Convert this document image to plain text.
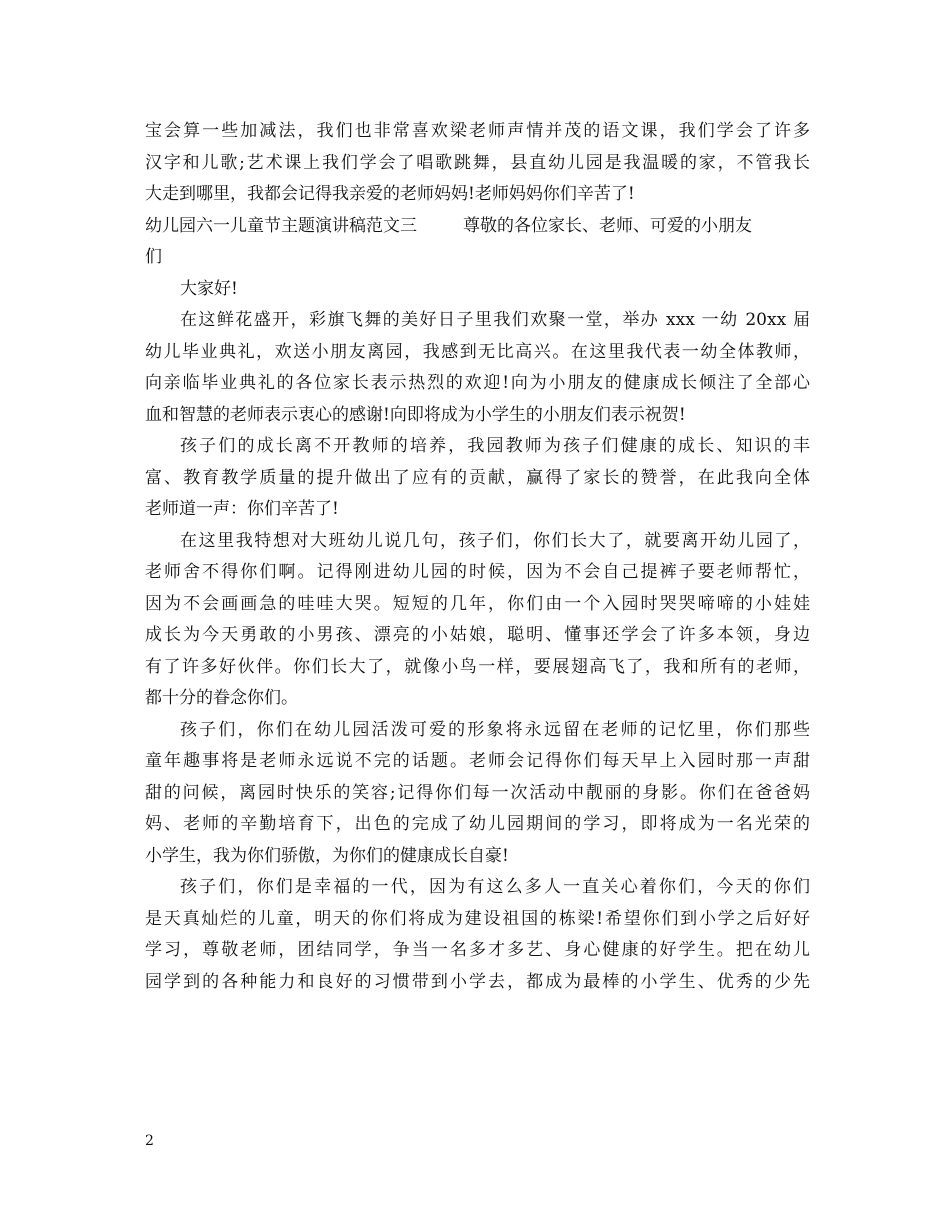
宝会算一些加减法，我们也非常喜欢梁老师声情并茂的语文课，我们学会了许多
汉字和儿歌;艺术课上我们学会了唱歌跳舞，县直幼儿园是我温暖的家，不管我长
大走到哪里，我都会记得我亲爱的老师妈妈!老师妈妈你们辛苦了!
幼儿园六一儿童节主题演讲稿范文三	尊敬的各位家长、老师、可爱的小朋友
们
大家好!
在这鲜花盛开，彩旗飞舞的美好日子里我们欢聚一堂，举办 xxx 一幼 20xx 届
幼儿毕业典礼，欢送小朋友离园，我感到无比高兴。在这里我代表一幼全体教师，
向亲临毕业典礼的各位家长表示热烈的欢迎!向为小朋友的健康成长倾注了全部心
血和智慧的老师表示衷心的感谢!向即将成为小学生的小朋友们表示祝贺!
孩子们的成长离不开教师的培养，我园教师为孩子们健康的成长、知识的丰
富、教育教学质量的提升做出了应有的贡献，赢得了家长的赞誉，在此我向全体
老师道一声：你们辛苦了!
在这里我特想对大班幼儿说几句，孩子们，你们长大了，就要离开幼儿园了，
老师舍不得你们啊。记得刚进幼儿园的时候，因为不会自己提裤子要老师帮忙，
因为不会画画急的哇哇大哭。短短的几年，你们由一个入园时哭哭啼啼的小娃娃
成长为今天勇敢的小男孩、漂亮的小姑娘，聪明、懂事还学会了许多本领，身边
有了许多好伙伴。你们长大了，就像小鸟一样，要展翅高飞了，我和所有的老师，
都十分的眷念你们。
孩子们，你们在幼儿园活泼可爱的形象将永远留在老师的记忆里，你们那些
童年趣事将是老师永远说不完的话题。老师会记得你们每天早上入园时那一声甜
甜的问候，离园时快乐的笑容;记得你们每一次活动中靓丽的身影。你们在爸爸妈
妈、老师的辛勤培育下，出色的完成了幼儿园期间的学习，即将成为一名光荣的
小学生，我为你们骄傲，为你们的健康成长自豪!
孩子们，你们是幸福的一代，因为有这么多人一直关心着你们，今天的你们
是天真灿烂的儿童，明天的你们将成为建设祖国的栋梁!希望你们到小学之后好好
学习，尊敬老师，团结同学，争当一名多才多艺、身心健康的好学生。把在幼儿
园学到的各种能力和良好的习惯带到小学去，都成为最棒的小学生、优秀的少先
2
